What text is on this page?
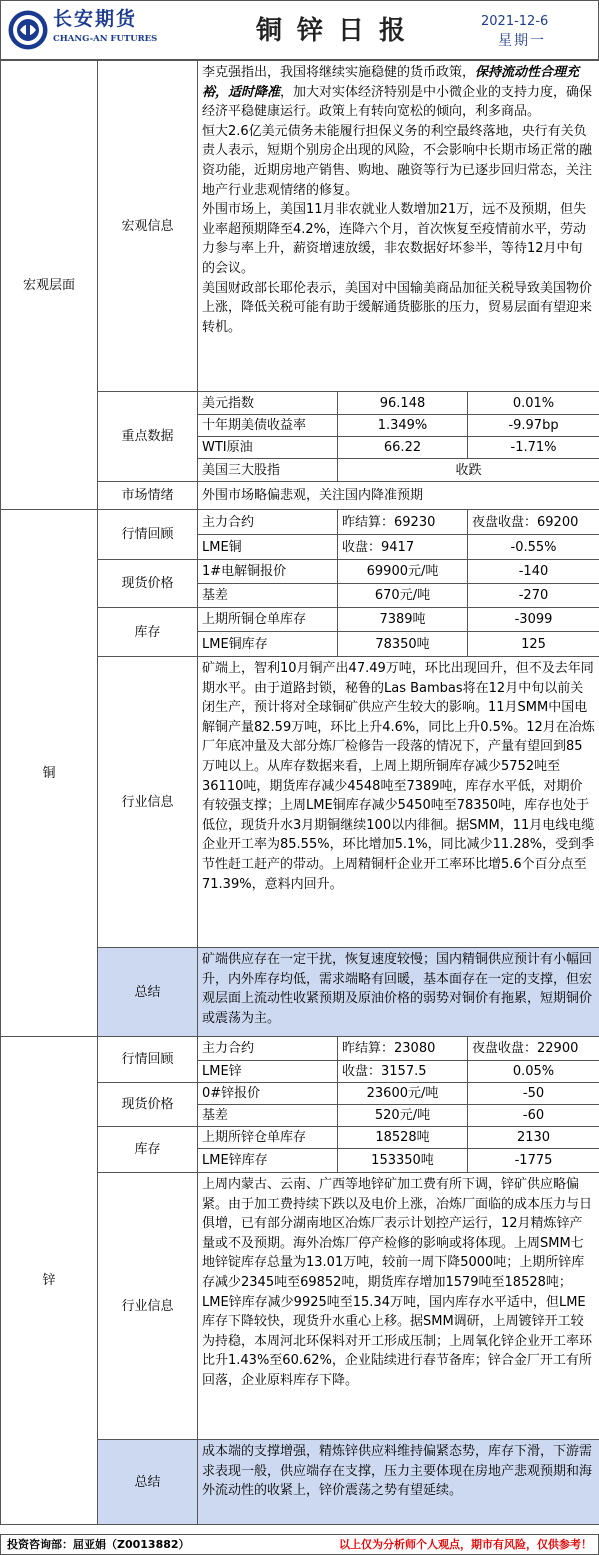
长安期货
CHANG-AN FUTURES	铜锌日报	2021-12-6
星期一
宏观层面	宏观信息	李克强指出，我国将继续实施稳健的货币政策，保持流动性合理充裕，适时降准，加大对实体经济特别是中小微企业的支持力度，确保经济平稳健康运行。政策上有转向宽松的倾向，利多商品。
恒大2.6亿美元债务未能履行担保义务的利空最终落地，央行有关负责人表示，短期个别房企出现的风险，不会影响中长期市场正常的融资功能，近期房地产销售、购地、融资等行为已逐步回归常态，关注地产行业悲观情绪的修复。
外围市场上，美国11月非农就业人数增加21万，远不及预期，但失业率超预期降至4.2%，连降六个月，首次恢复至疫情前水平，劳动力参与率上升，薪资增速放缓，非农数据好坏参半，等待12月中旬的会议。
美国财政部长耶伦表示，美国对中国输美商品加征关税导致美国物价上涨，降低关税可能有助于缓解通货膨胀的压力，贸易层面有望迎来转机。		

	重点数据	美元指数	96.148	0.01%
		十年期美债收益率	1.349%	-9.97bp
		WTI原油	66.22	-1.71%
		美国三大股指	收跌	
	市场情绪	外围市场略偏悲观，关注国内降准预期		
铜	行情回顾	主力合约	昨结算：69230	夜盘收盘：69200
		LME铜	收盘：9417	-0.55%
	现货价格	1#电解铜报价	69900元/吨	-140
		基差	670元/吨	-270
	库存	上期所铜仓单库存	7389吨	-3099
		LME铜库存	78350吨	125
	行业信息	矿端上，智利10月铜产出47.49万吨，环比出现回升，但不及去年同期水平。由于道路封锁，秘鲁的Las Bambas将在12月中旬以前关闭生产，预计将对全球铜矿供应产生较大的影响。11月SMM中国电解铜产量82.59万吨，环比上升4.6%，同比上升0.5%。12月在冶炼厂年底冲量及大部分炼厂检修告一段落的情况下，产量有望回到85万吨以上。从库存数据来看，上周上期所铜库存减少5752吨至36110吨，期货库存减少4548吨至7389吨，库存水平低，对期价有较强支撑；上周LME铜库存减少5450吨至78350吨，库存也处于低位，现货升水3月期铜继续100以内徘徊。据SMM，11月电线电缆企业开工率为85.55%，环比增加5.1%，同比减少11.28%，受到季节性赶工赶产的带动。上周精铜杆企业开工率环比增5.6个百分点至71.39%，意料内回升。		
	总结	矿端供应存在一定干扰，恢复速度较慢；国内精铜供应预计有小幅回升，内外库存均低，需求端略有回暖，基本面存在一定的支撑，但宏观层面上流动性收紧预期及原油价格的弱势对铜价有拖累，短期铜价或震荡为主。		
锌	行情回顾	主力合约	昨结算：23080	夜盘收盘：22900
		LME锌	收盘：3157.5	0.05%
	现货价格	0#锌报价	23600元/吨	-50
		基差	520元/吨	-60
	库存	上期所锌仓单库存	18528吨	2130
		LME锌库存	153350吨	-1775
	行业信息	上周内蒙古、云南、广西等地锌矿加工费有所下调，锌矿供应略偏紧。由于加工费持续下跌以及电价上涨，冶炼厂面临的成本压力与日俱增，已有部分湖南地区冶炼厂表示计划控产运行，12月精炼锌产量或不及预期。海外冶炼厂停产检修的影响或将体现。上周SMM七地锌锭库存总量为13.01万吨，较前一周下降5000吨；上期所锌库存减少2345吨至69852吨，期货库存增加1579吨至18528吨；LME锌库存减少9925吨至15.34万吨，国内库存水平适中，但LME库存下降较快，现货升水重心上移。据SMM调研，上周镀锌开工较为持稳，本周河北环保料对开工形成压制；上周氧化锌企业开工率环比升1.43%至60.62%，企业陆续进行春节备库；锌合金厂开工有所回落，企业原料库存下降。		
	总结	成本端的支撑增强，精炼锌供应料维持偏紧态势，库存下滑，下游需求表现一般，供应端存在支撑，压力主要体现在房地产悲观预期和海外流动性的收紧上，锌价震荡之势有望延续。		
投资咨询部：屈亚娟（Z0013882）	以上仅为分析师个人观点，期市有风险，仅供参考！
